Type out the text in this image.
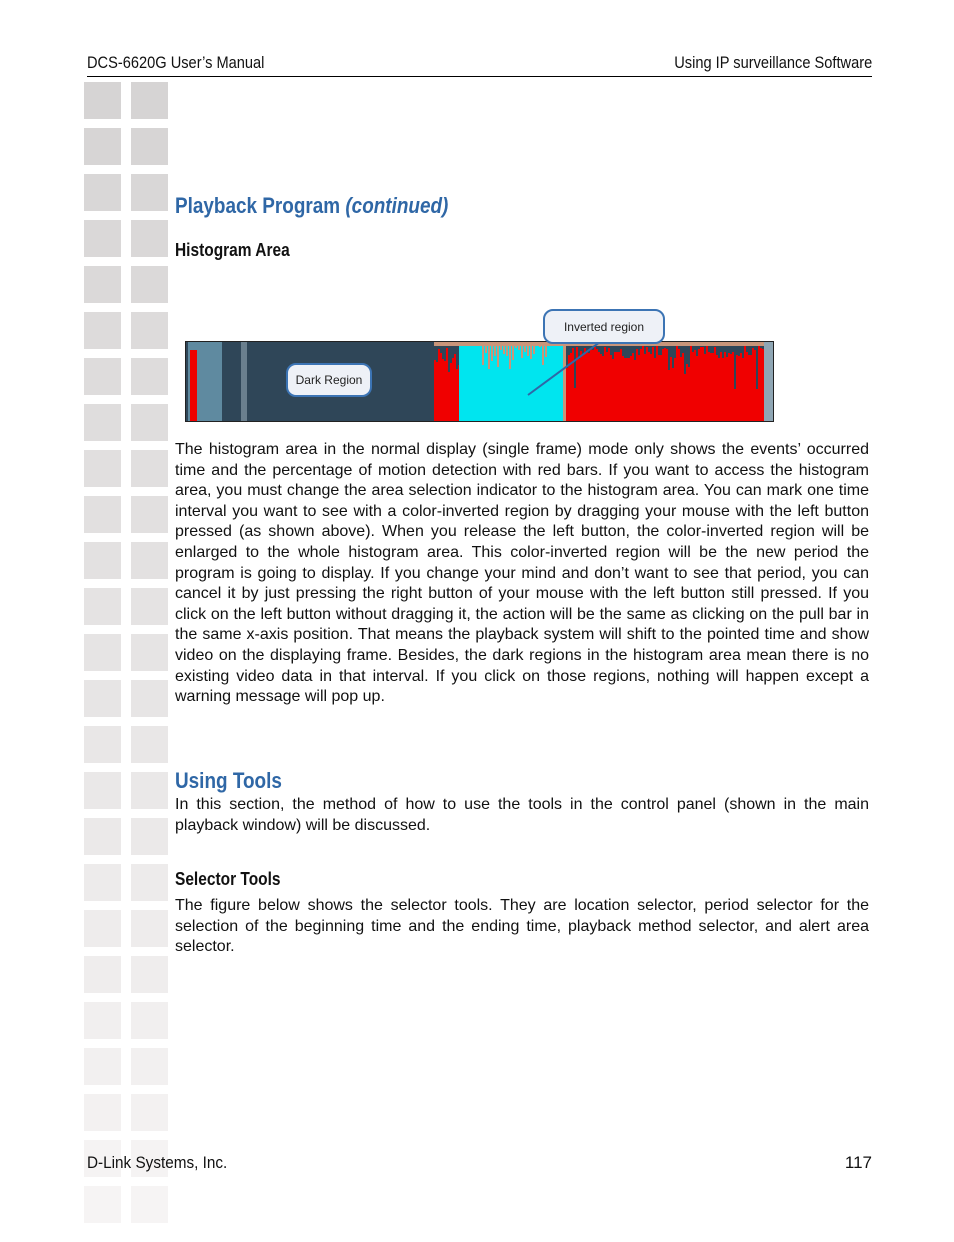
DCS-6620G User’s Manual	Using IP surveillance Software
Playback Program (continued)
Histogram Area
Inverted region
Dark Region

The histogram area in the normal display (single frame) mode only shows the events’ occurred time and the percentage of motion detection with red bars. If you want to access the histogram area, you must change the area selection indicator to the histogram area. You can mark one time interval you want to see with a color-inverted region by dragging your mouse with the left button pressed (as shown above). When you release the left button, the color-inverted region will be enlarged to the whole histogram area. This color-inverted region will be the new period the program is going to display. If you change your mind and don’t want to see that period, you can cancel it by just pressing the right button of your mouse with the left button still pressed. If you click on the left button without dragging it, the action will be the same as clicking on the pull bar in the same x-axis position. That means the playback system will shift to the pointed time and show video on the displaying frame. Besides, the dark regions in the histogram area mean there is no existing video data in that interval. If you click on those regions, nothing will happen except a warning message will pop up.

Using Tools

In this section, the method of how to use the tools in the control panel (shown in the main playback window) will be discussed.

Selector Tools

The figure below shows the selector tools. They are location selector, period selector for the selection of the beginning time and the ending time, playback method selector, and alert area selector.

D-Link Systems, Inc.	117
